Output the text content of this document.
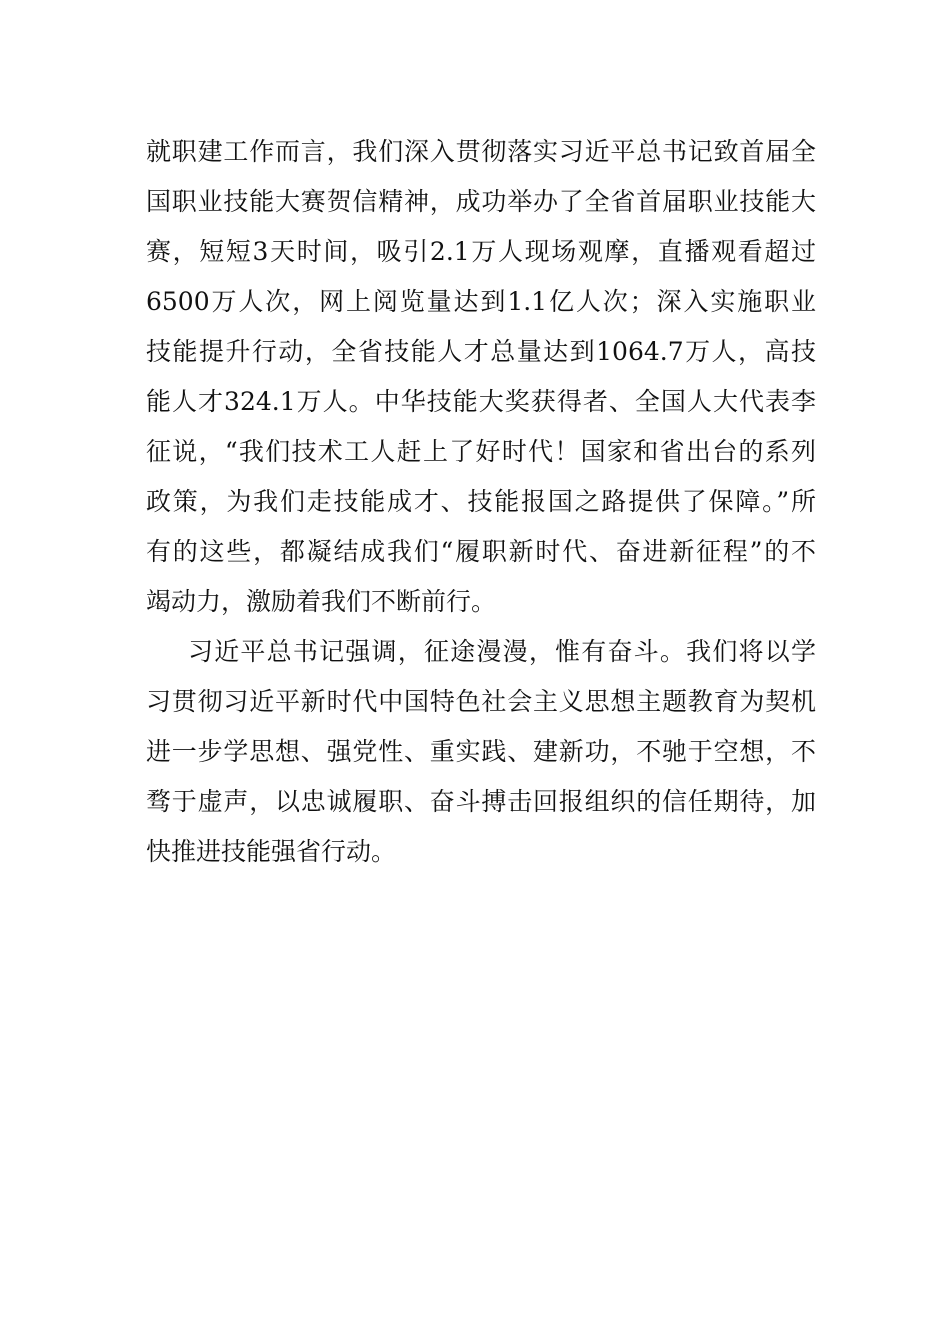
就职建工作而言，我们深入贯彻落实习近平总书记致首届全
国职业技能大赛贺信精神，成功举办了全省首届职业技能大
赛，短短3天时间，吸引2.1万人现场观摩，直播观看超过
6500万人次，网上阅览量达到1.1亿人次；深入实施职业
技能提升行动，全省技能人才总量达到1064.7万人，高技
能人才324.1万人。中华技能大奖获得者、全国人大代表李
征说，“我们技术工人赶上了好时代！国家和省出台的系列
政策，为我们走技能成才、技能报国之路提供了保障。”所
有的这些，都凝结成我们“履职新时代、奋进新征程”的不
竭动力，激励着我们不断前行。
习近平总书记强调，征途漫漫，惟有奋斗。我们将以学
习贯彻习近平新时代中国特色社会主义思想主题教育为契机
进一步学思想、强党性、重实践、建新功，不驰于空想，不
骛于虚声，以忠诚履职、奋斗搏击回报组织的信任期待，加
快推进技能强省行动。
